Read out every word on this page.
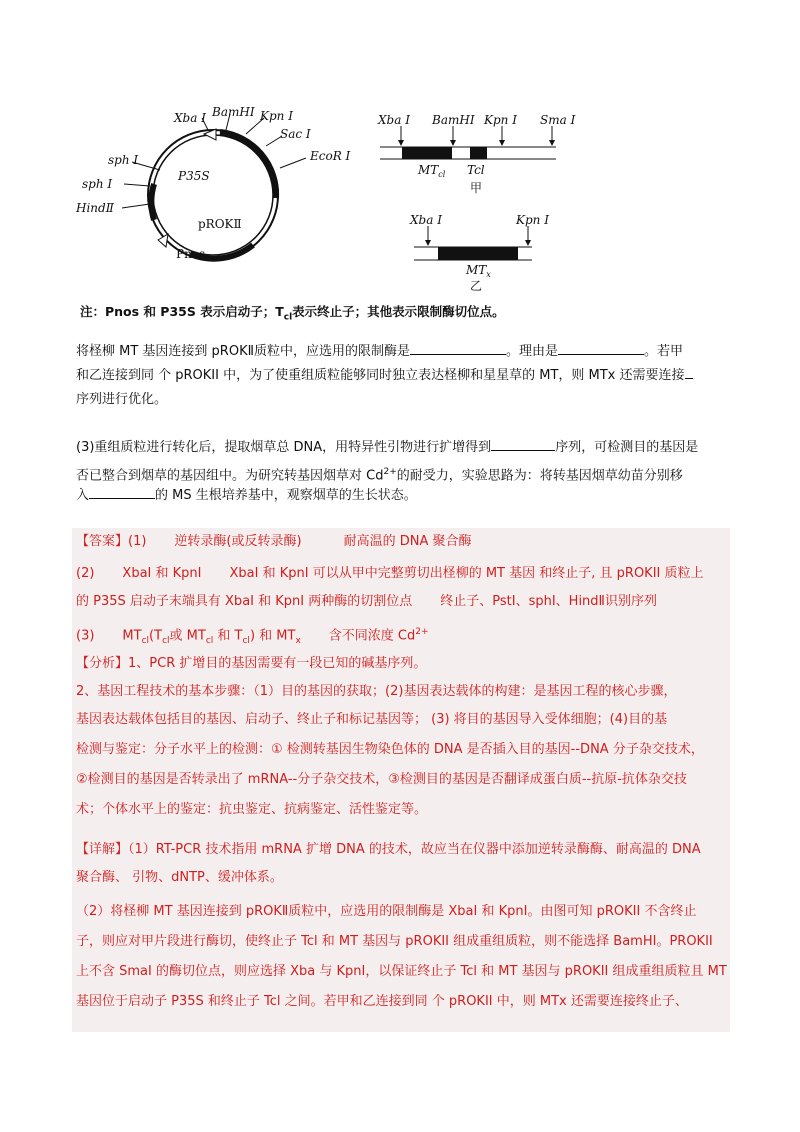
Xba Ⅰ BamHⅠ Kpn Ⅰ
Sac Ⅰ
EcoR Ⅰ
sph Ⅰ
sph Ⅰ
HindⅡ
P35S
pROKⅡ
Pnos
Xba Ⅰ BamHⅠ Kpn Ⅰ Sma Ⅰ
$MT_{cl}$ Tcl
甲
Xba Ⅰ	Kpn Ⅰ
$MT_x$
乙
注：Pnos 和 P35S 表示启动子；$T_{cl}$表示终止子；其他表示限制酶切位点。
将柽柳 MT 基因连接到 pROKⅡ质粒中，应选用的限制酶是	。理由是	。若甲
和乙连接到同 个 pROKII 中，为了使重组质粒能够同时独立表达柽柳和星星草的 MT，则 MTx 还需要连接
序列进行优化。
(3)重组质粒进行转化后，提取烟草总 DNA，用特异性引物进行扩增得到	序列，可检测目的基因是
否已整合到烟草的基因组中。为研究转基因烟草对 $Cd^{2+}$的耐受力，实验思路为：将转基因烟草幼苗分别移
入	的 MS 生根培养基中，观察烟草的生长状态。
【答案】(1) 逆转录酶(或反转录酶)	耐高温的 DNA 聚合酶
(2) XbaI 和 KpnI XbaI 和 KpnI 可以从甲中完整剪切出柽柳的 MT 基因 和终止子, 且 pROKII 质粒上
的 P35S 启动子末端具有 XbaI 和 KpnI 两种酶的切割位点 终止子、PstI、sphI、HindⅡ识别序列
(3) $MT_{cl}(T_{cl}$或 $MT_{cl}$ 和 $T_{cl}$) 和 $MT_x$ 含不同浓度 $Cd^{2+}$
【分析】1、PCR 扩增目的基因需要有一段已知的碱基序列。
2、基因工程技术的基本步骤：（1）目的基因的获取；(2)基因表达载体的构建：是基因工程的核心步骤，
基因表达载体包括目的基因、启动子、终止子和标记基因等； (3) 将目的基因导入受体细胞；(4)目的基
检测与鉴定：分子水平上的检测：① 检测转基因生物染色体的 DNA 是否插入目的基因--DNA 分子杂交技术，
②检测目的基因是否转录出了 mRNA--分子杂交技术，③检测目的基因是否翻译成蛋白质--抗原-抗体杂交技
术；个体水平上的鉴定：抗虫鉴定、抗病鉴定、活性鉴定等。
【详解】（1）RT-PCR 技术指用 mRNA 扩增 DNA 的技术，故应当在仪器中添加逆转录酶酶、耐高温的 DNA
聚合酶、 引物、dNTP、缓冲体系。
（2）将柽柳 MT 基因连接到 pROKⅡ质粒中，应选用的限制酶是 XbaI 和 KpnI。由图可知 pROKII 不含终止
子，则应对甲片段进行酶切，使终止子 Tcl 和 MT 基因与 pROKII 组成重组质粒，则不能选择 BamHI。PROKII
上不含 SmaI 的酶切位点，则应选择 Xba 与 KpnI，以保证终止子 Tcl 和 MT 基因与 pROKII 组成重组质粒且 MT
基因位于启动子 P35S 和终止子 Tcl 之间。若甲和乙连接到同 个 pROKII 中，则 MTx 还需要连接终止子、
